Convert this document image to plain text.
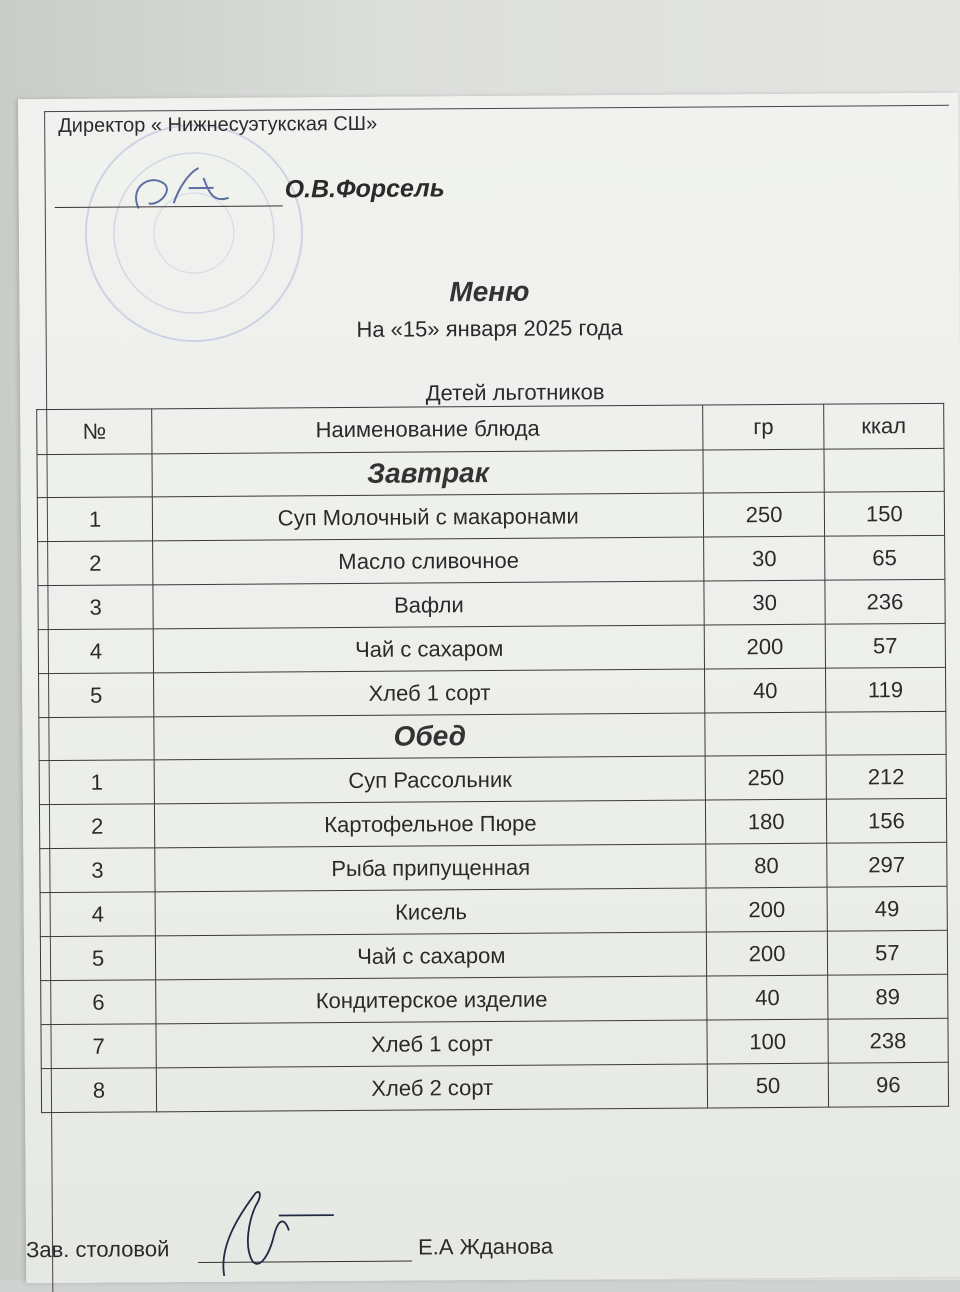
Директор « Нижнесуэтукская СШ»
О.В.Форсель
Меню
На «15» января 2025 года
Детей льготников
№	Наименование блюда	гр	ккал
	Завтрак		
1	Суп Молочный с макаронами	250	150
2	Масло сливочное	30	65
3	Вафли	30	236
4	Чай с сахаром	200	57
5	Хлеб 1 сорт	40	119
	Обед		
1	Суп Рассольник	250	212
2	Картофельное Пюре	180	156
3	Рыба припущенная	80	297
4	Кисель	200	49
5	Чай с сахаром	200	57
6	Кондитерское изделие	40	89
7	Хлеб 1 сорт	100	238
8	Хлеб 2 сорт	50	96
Зав. столовой	Е.А Жданова
